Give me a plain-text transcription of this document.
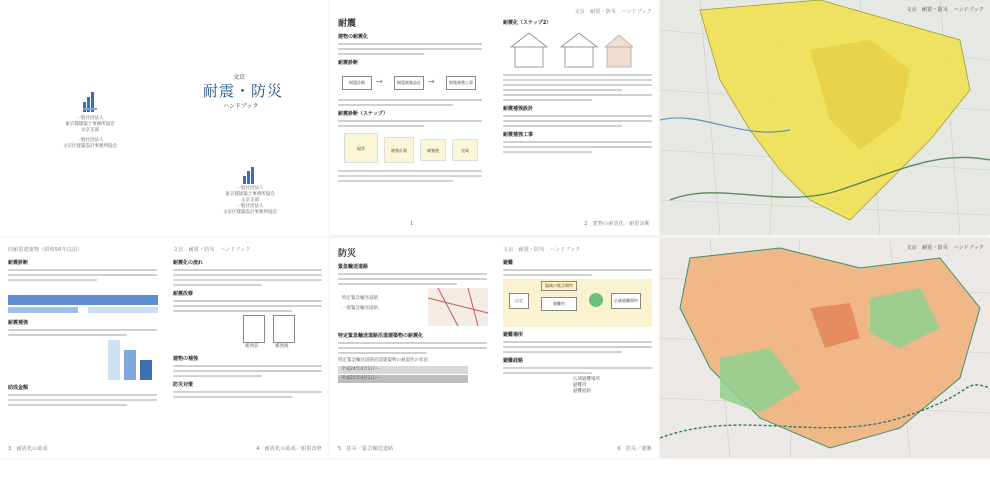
一般社団法人
東京都建築士事務所協会
文京支部
一般社団法人
文京区建築設計事務所協会
文京
耐震・防災
ハンドブック
一般社団法人
東京都建築士事務所協会
文京支部
一般社団法人
文京区建築設計事務所協会
耐震
建物の耐震化
耐震診断
耐震診断	耐震補強設計	耐震補強工事
→	→
耐震診断（ステップ）
現状	補強計画	補強後	完成
1
文京　耐震・防災　ハンドブック
耐震化（ステップ2）
耐震補強設計
耐震補強工事
2　建物の耐震化／耐震診断
文京　耐震・防災　ハンドブック
旧耐震建築物（昭和56年以前）
耐震診断
耐震補強
助成金額
3　耐震化の助成
文京　耐震・防災　ハンドブック
耐震化の流れ
耐震改修
補強前	補強後
建物の補強
防災対策
4　耐震化の助成／耐震改修
防災
緊急輸送道路
特定緊急輸送道路
一般緊急輸送道路
特定緊急輸送道路沿道建築物の耐震化
特定緊急輸送道路沿道建築物の耐震化の状況
平成24年4月1日～
平成25年4月1日～
5　防災／緊急輸送道路
文京　耐震・防災　ハンドブック
避難
自宅
地域の集合場所
避難所
広域避難場所
避難場所
避難経路
広域避難場所
避難所
避難経路
6　防災／避難
文京　耐震・防災　ハンドブック
